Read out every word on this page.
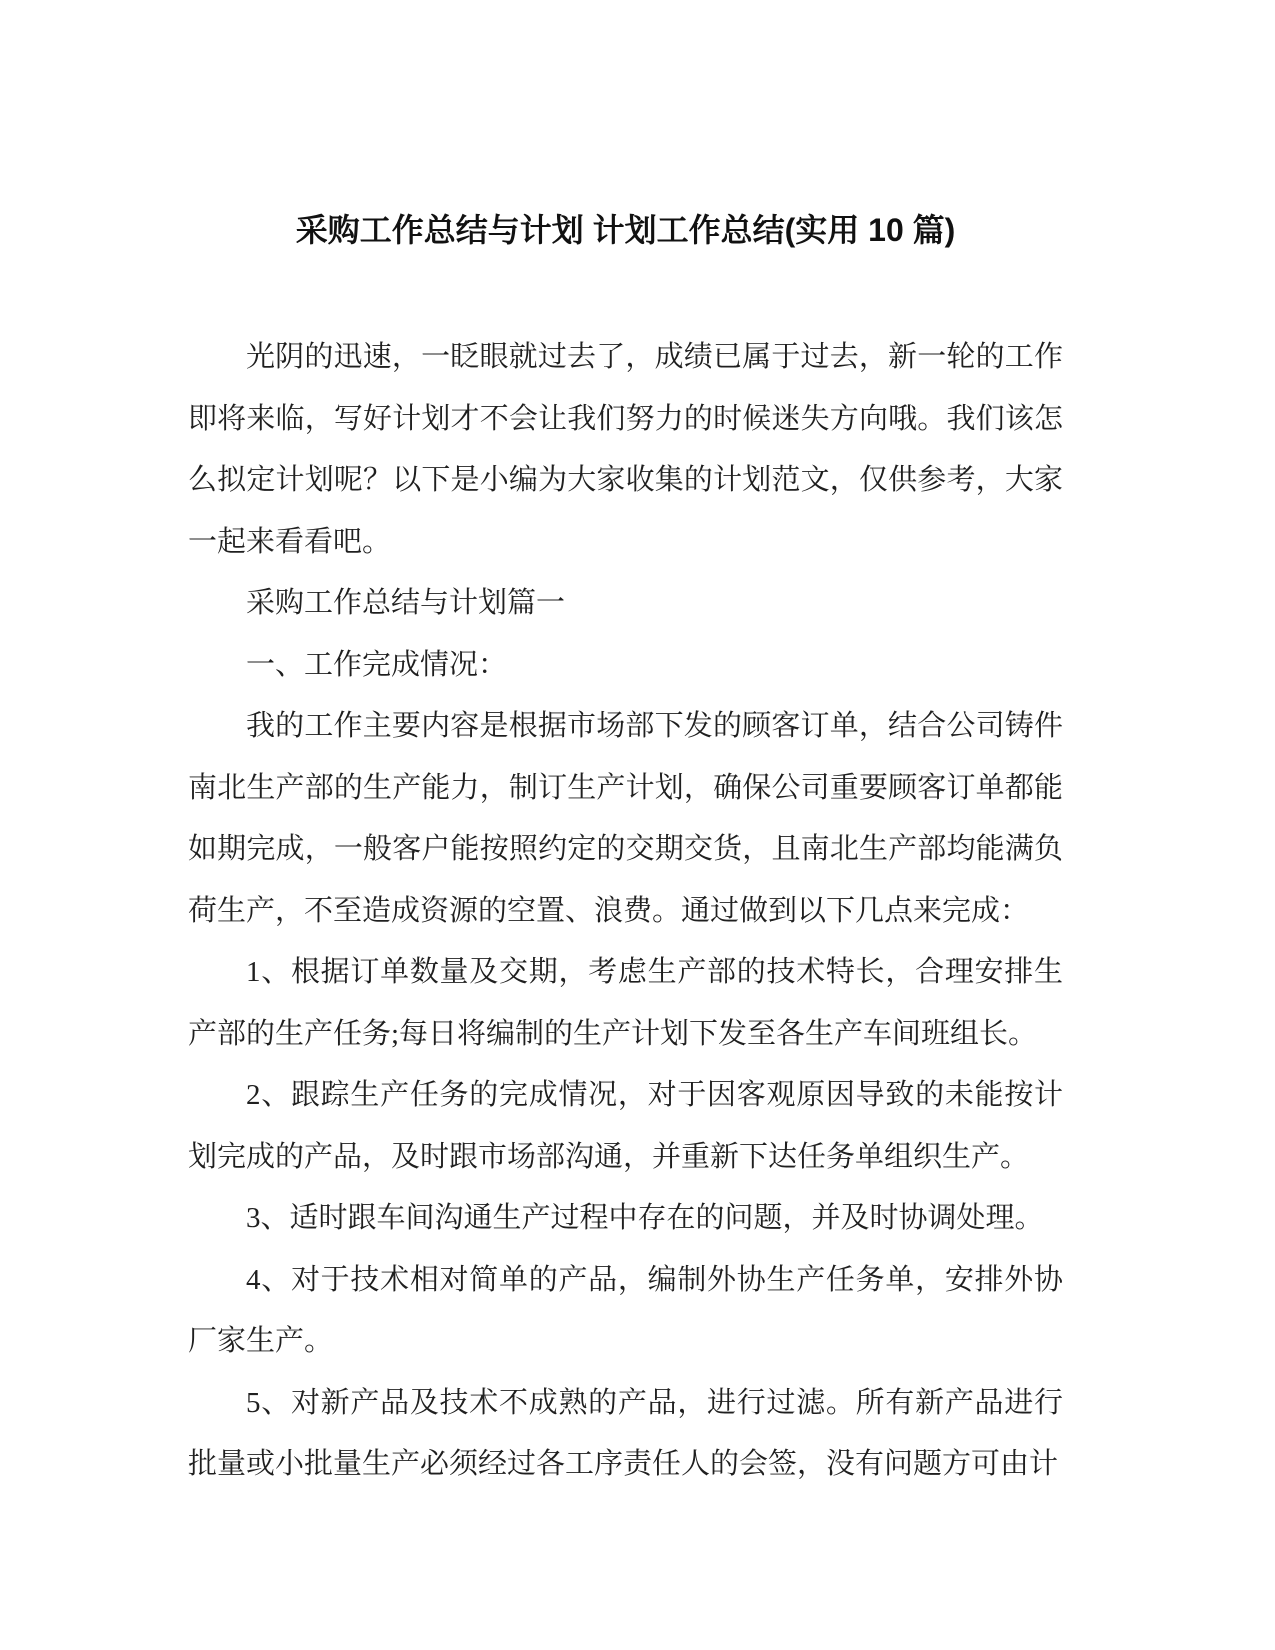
采购工作总结与计划 计划工作总结(实用 10 篇)

光阴的迅速，一眨眼就过去了，成绩已属于过去，新一轮的工作即将来临，写好计划才不会让我们努力的时候迷失方向哦。我们该怎么拟定计划呢？以下是小编为大家收集的计划范文，仅供参考，大家一起来看看吧。

采购工作总结与计划篇一

一、工作完成情况：

我的工作主要内容是根据市场部下发的顾客订单，结合公司铸件南北生产部的生产能力，制订生产计划，确保公司重要顾客订单都能如期完成，一般客户能按照约定的交期交货，且南北生产部均能满负荷生产，不至造成资源的空置、浪费。通过做到以下几点来完成：

1、根据订单数量及交期，考虑生产部的技术特长，合理安排生产部的生产任务;每日将编制的生产计划下发至各生产车间班组长。

2、跟踪生产任务的完成情况，对于因客观原因导致的未能按计划完成的产品，及时跟市场部沟通，并重新下达任务单组织生产。

3、适时跟车间沟通生产过程中存在的问题，并及时协调处理。

4、对于技术相对简单的产品，编制外协生产任务单，安排外协厂家生产。

5、对新产品及技术不成熟的产品，进行过滤。所有新产品进行批量或小批量生产必须经过各工序责任人的会签，没有问题方可由计
